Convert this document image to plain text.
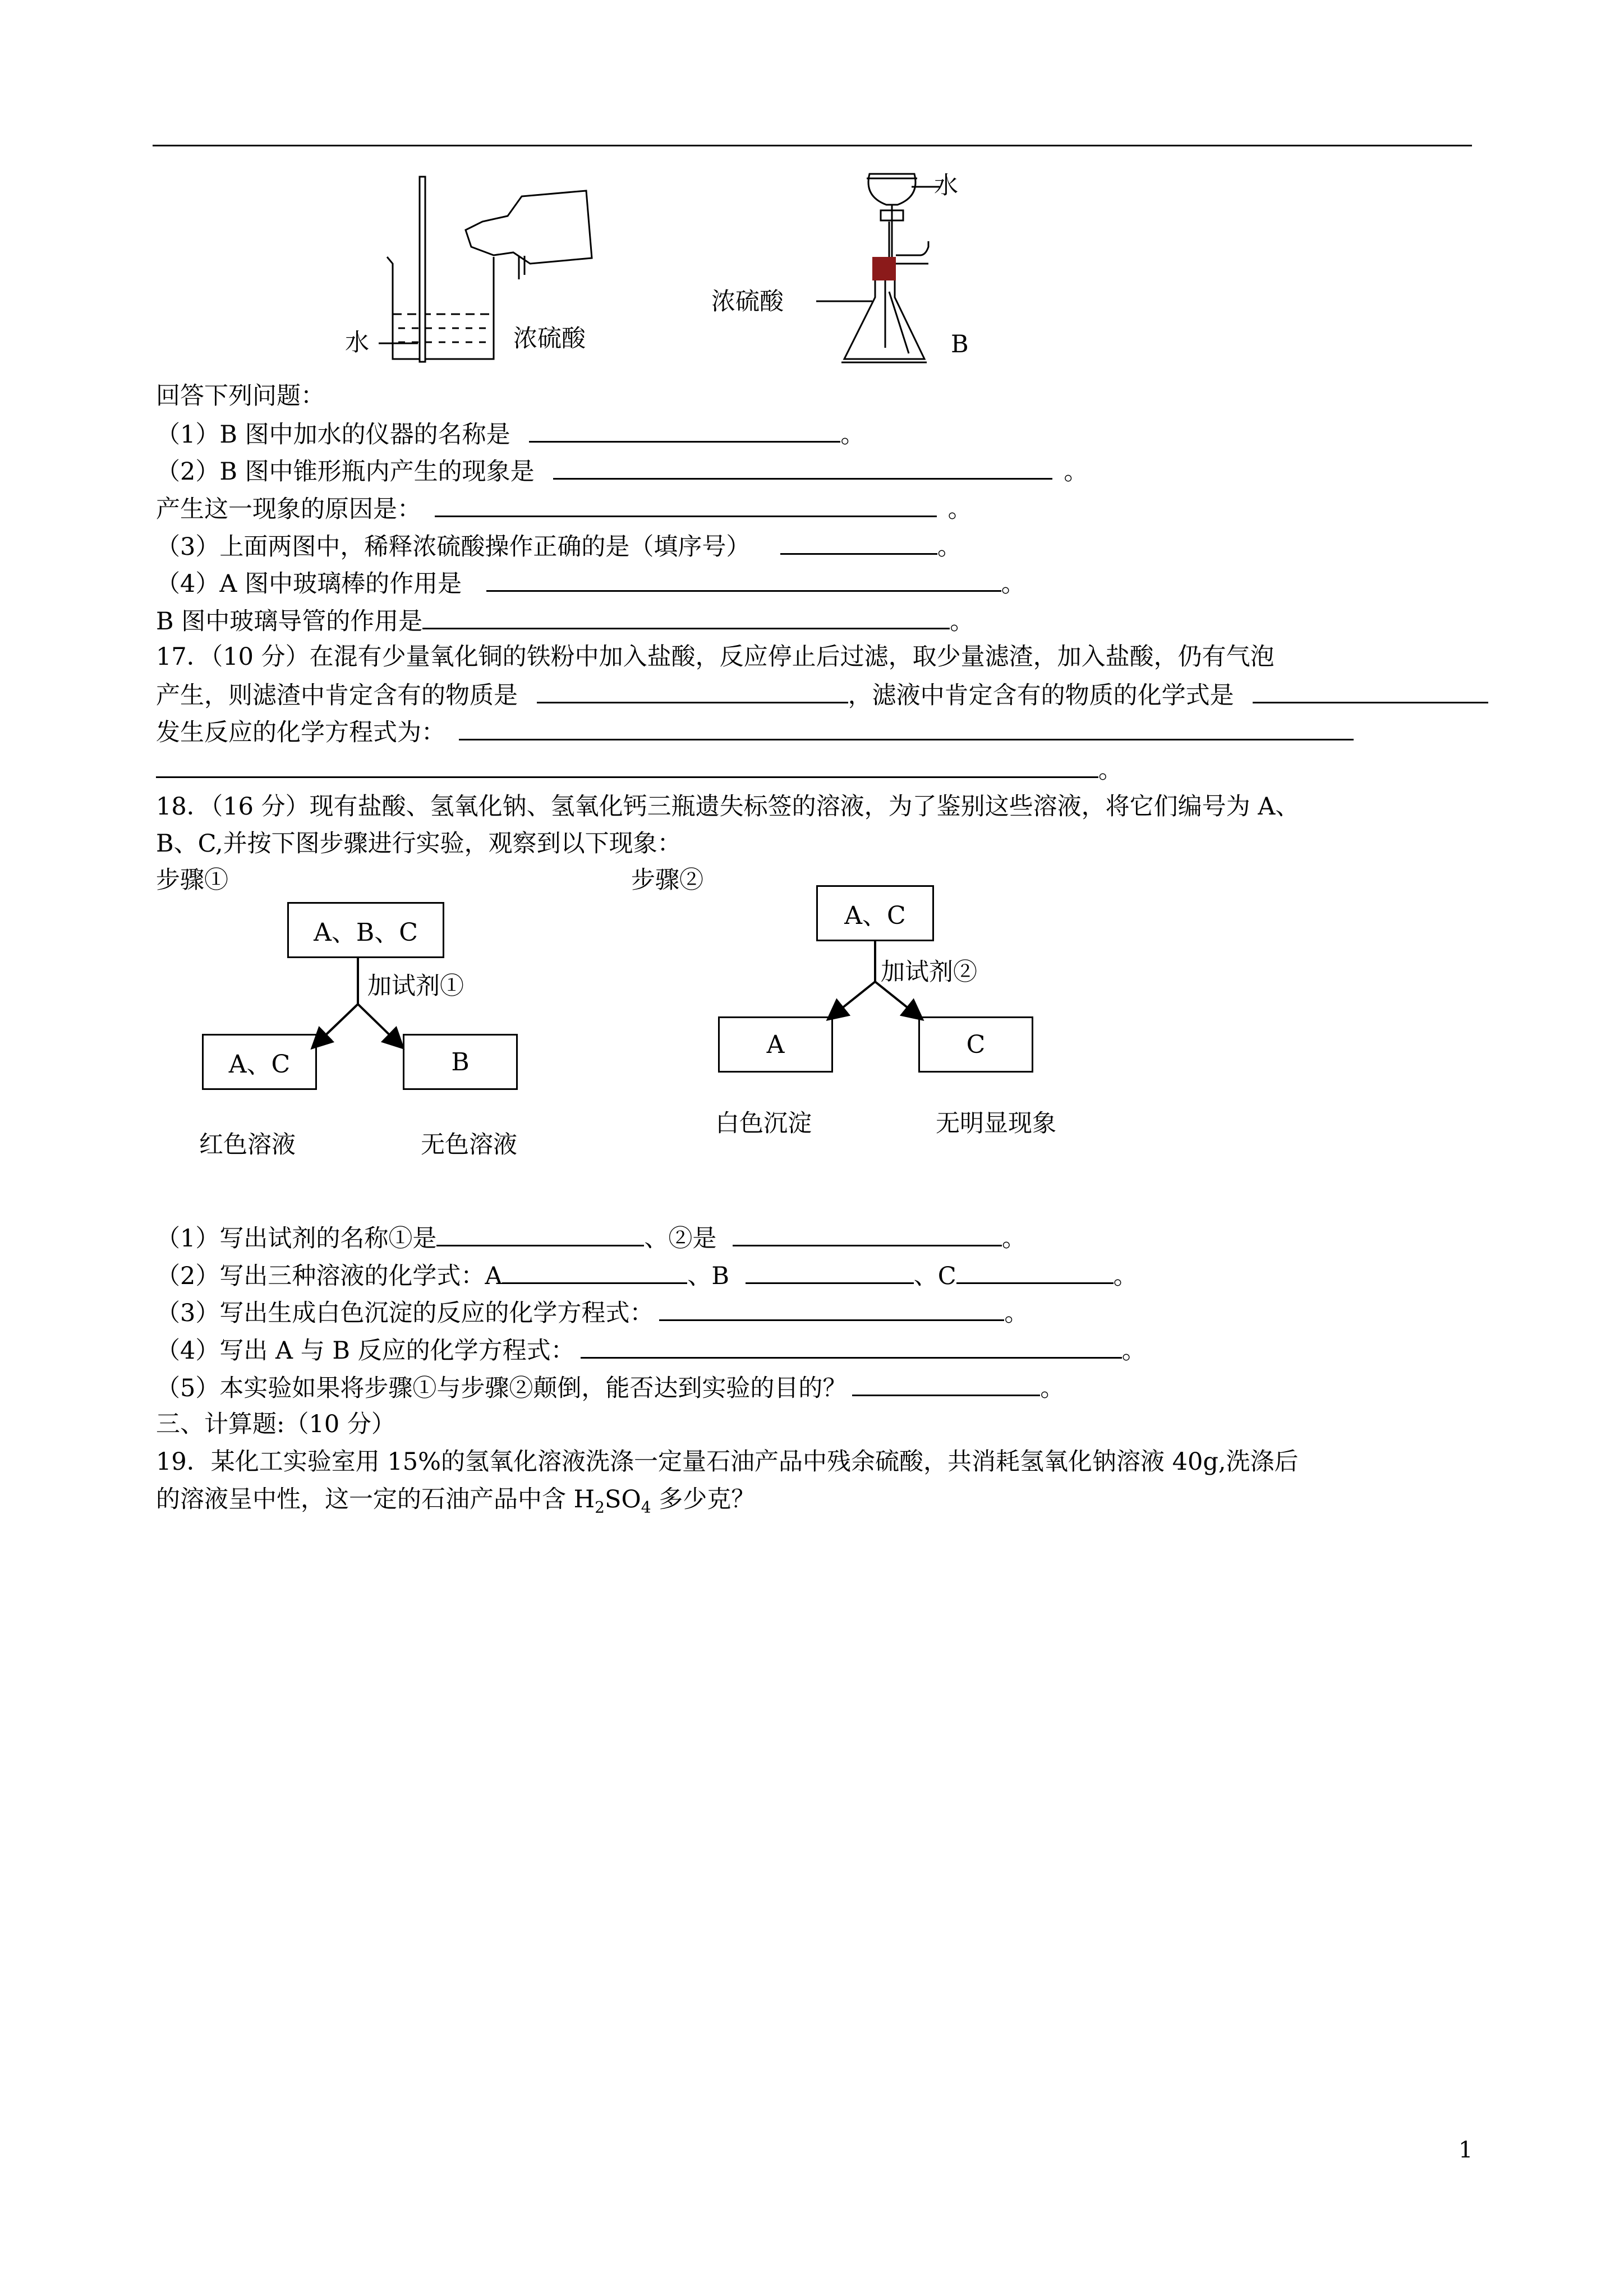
水	浓硫酸
水
浓硫酸
B
回答下列问题：
（1）B 图中加水的仪器的名称是	。
（2）B 图中锥形瓶内产生的现象是	。
产生这一现象的原因是：	。
（3）上面两图中，稀释浓硫酸操作正确的是（填序号）	。
（4）A 图中玻璃棒的作用是	。
B 图中玻璃导管的作用是	。
17．（10 分）在混有少量氧化铜的铁粉中加入盐酸，反应停止后过滤，取少量滤渣，加入盐酸，仍有气泡
产生，则滤渣中肯定含有的物质是	，滤液中肯定含有的物质的化学式是
发生反应的化学方程式为：
。
18．（16 分）现有盐酸、氢氧化钠、氢氧化钙三瓶遗失标签的溶液，为了鉴别这些溶液，将它们编号为 A、
B、C,并按下图步骤进行实验，观察到以下现象：
步骤①	步骤②
A、B、C
加试剂①
A、C	B
红色溶液	无色溶液
A、C
加试剂②
A	C
白色沉淀	无明显现象
（1）写出试剂的名称①是	、②是	。
（2）写出三种溶液的化学式：A	、B	、C	。
（3）写出生成白色沉淀的反应的化学方程式：	。
（4）写出 A 与 B 反应的化学方程式：	。
（5）本实验如果将步骤①与步骤②颠倒，能否达到实验的目的？	。
三、计算题:（10 分）
19．某化工实验室用 15%的氢氧化溶液洗涤一定量石油产品中残余硫酸，共消耗氢氧化钠溶液 40g,洗涤后
的溶液呈中性，这一定的石油产品中含 $H_2SO_4$ 多少克？
1
